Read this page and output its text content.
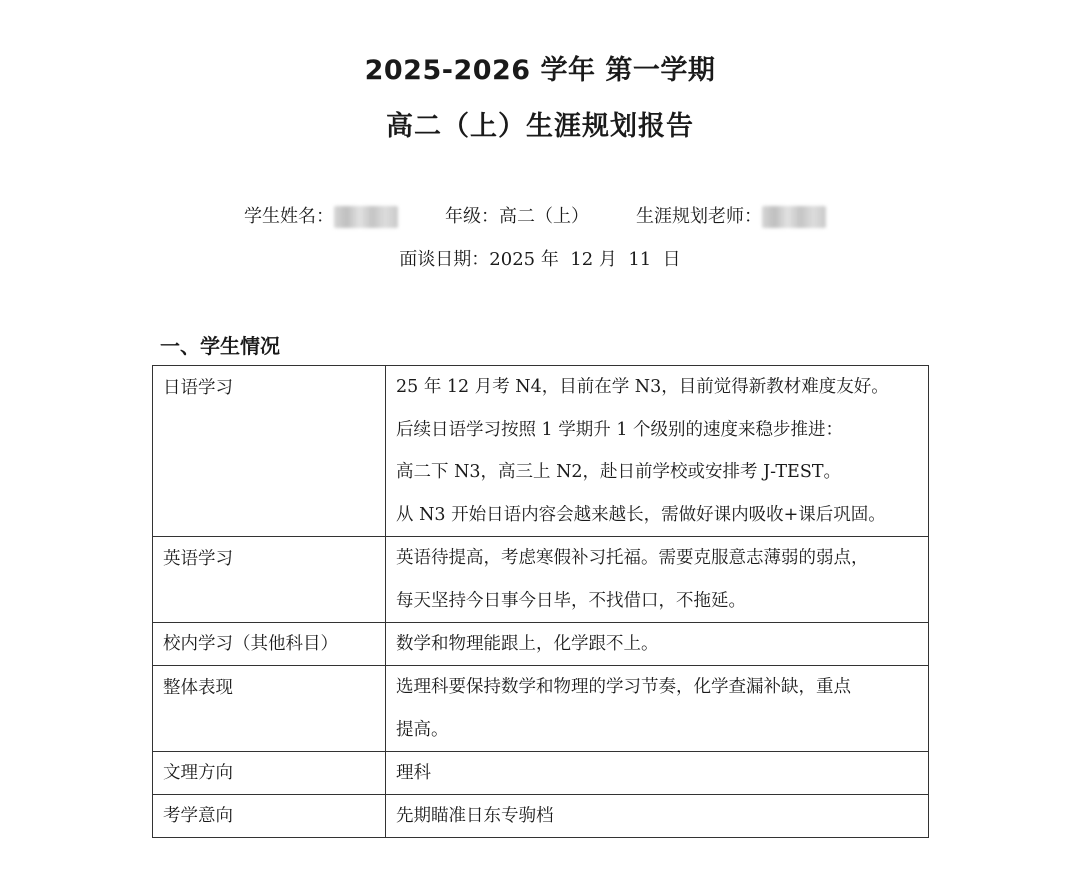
2025-2026 学年 第一学期
高二（上）生涯规划报告
学生姓名：	年级：高二（上）	生涯规划老师：
面谈日期：2025 年  12 月  11  日
一、学生情况
日语学习	25 年 12 月考 N4，目前在学 N3，目前觉得新教材难度友好。
后续日语学习按照 1 学期升 1 个级别的速度来稳步推进：
高二下 N3，高三上 N2，赴日前学校或安排考 J-TEST。
从 N3 开始日语内容会越来越长，需做好课内吸收+课后巩固。

英语学习	英语待提高，考虑寒假补习托福。需要克服意志薄弱的弱点，
每天坚持今日事今日毕，不找借口，不拖延。

校内学习（其他科目）	数学和物理能跟上，化学跟不上。

整体表现	选理科要保持数学和物理的学习节奏，化学查漏补缺，重点
提高。

文理方向	理科

考学意向	先期瞄准日东专驹档
